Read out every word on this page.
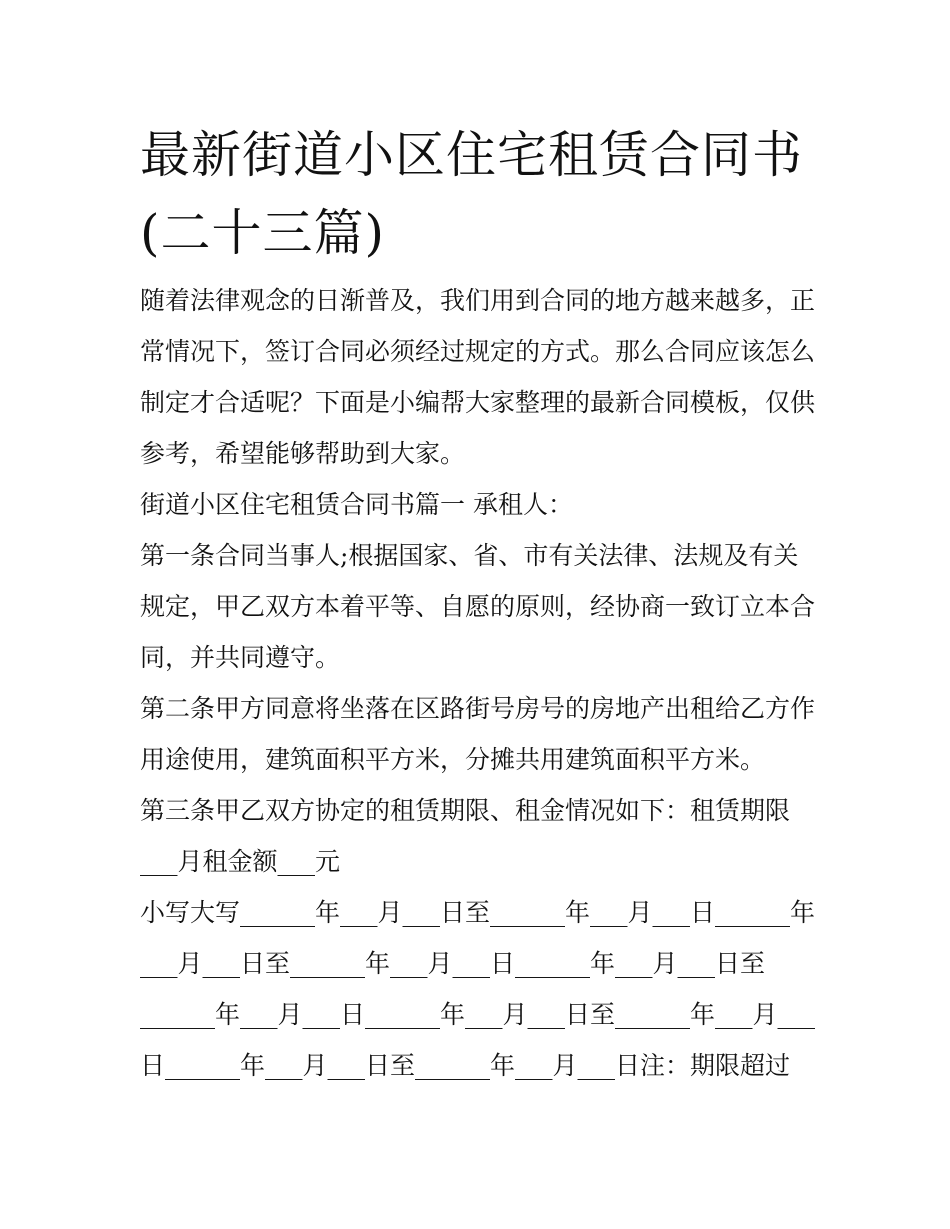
最新街道小区住宅租赁合同书
(二十三篇)
随着法律观念的日渐普及，我们用到合同的地方越来越多，正
常情况下，签订合同必须经过规定的方式。那么合同应该怎么
制定才合适呢？下面是小编帮大家整理的最新合同模板，仅供
参考，希望能够帮助到大家。
街道小区住宅租赁合同书篇一 承租人：
第一条合同当事人;根据国家、省、市有关法律、法规及有关
规定，甲乙双方本着平等、自愿的原则，经协商一致订立本合
同，并共同遵守。
第二条甲方同意将坐落在区路街号房号的房地产出租给乙方作
用途使用，建筑面积平方米，分摊共用建筑面积平方米。
第三条甲乙双方协定的租赁期限、租金情况如下：租赁期限
___月租金额___元
小写大写______年___月___日至______年___月___日______年
___月___日至______年___月___日______年___月___日至
______年___月___日______年___月___日至______年___月___
日______年___月___日至______年___月___日注：期限超过
